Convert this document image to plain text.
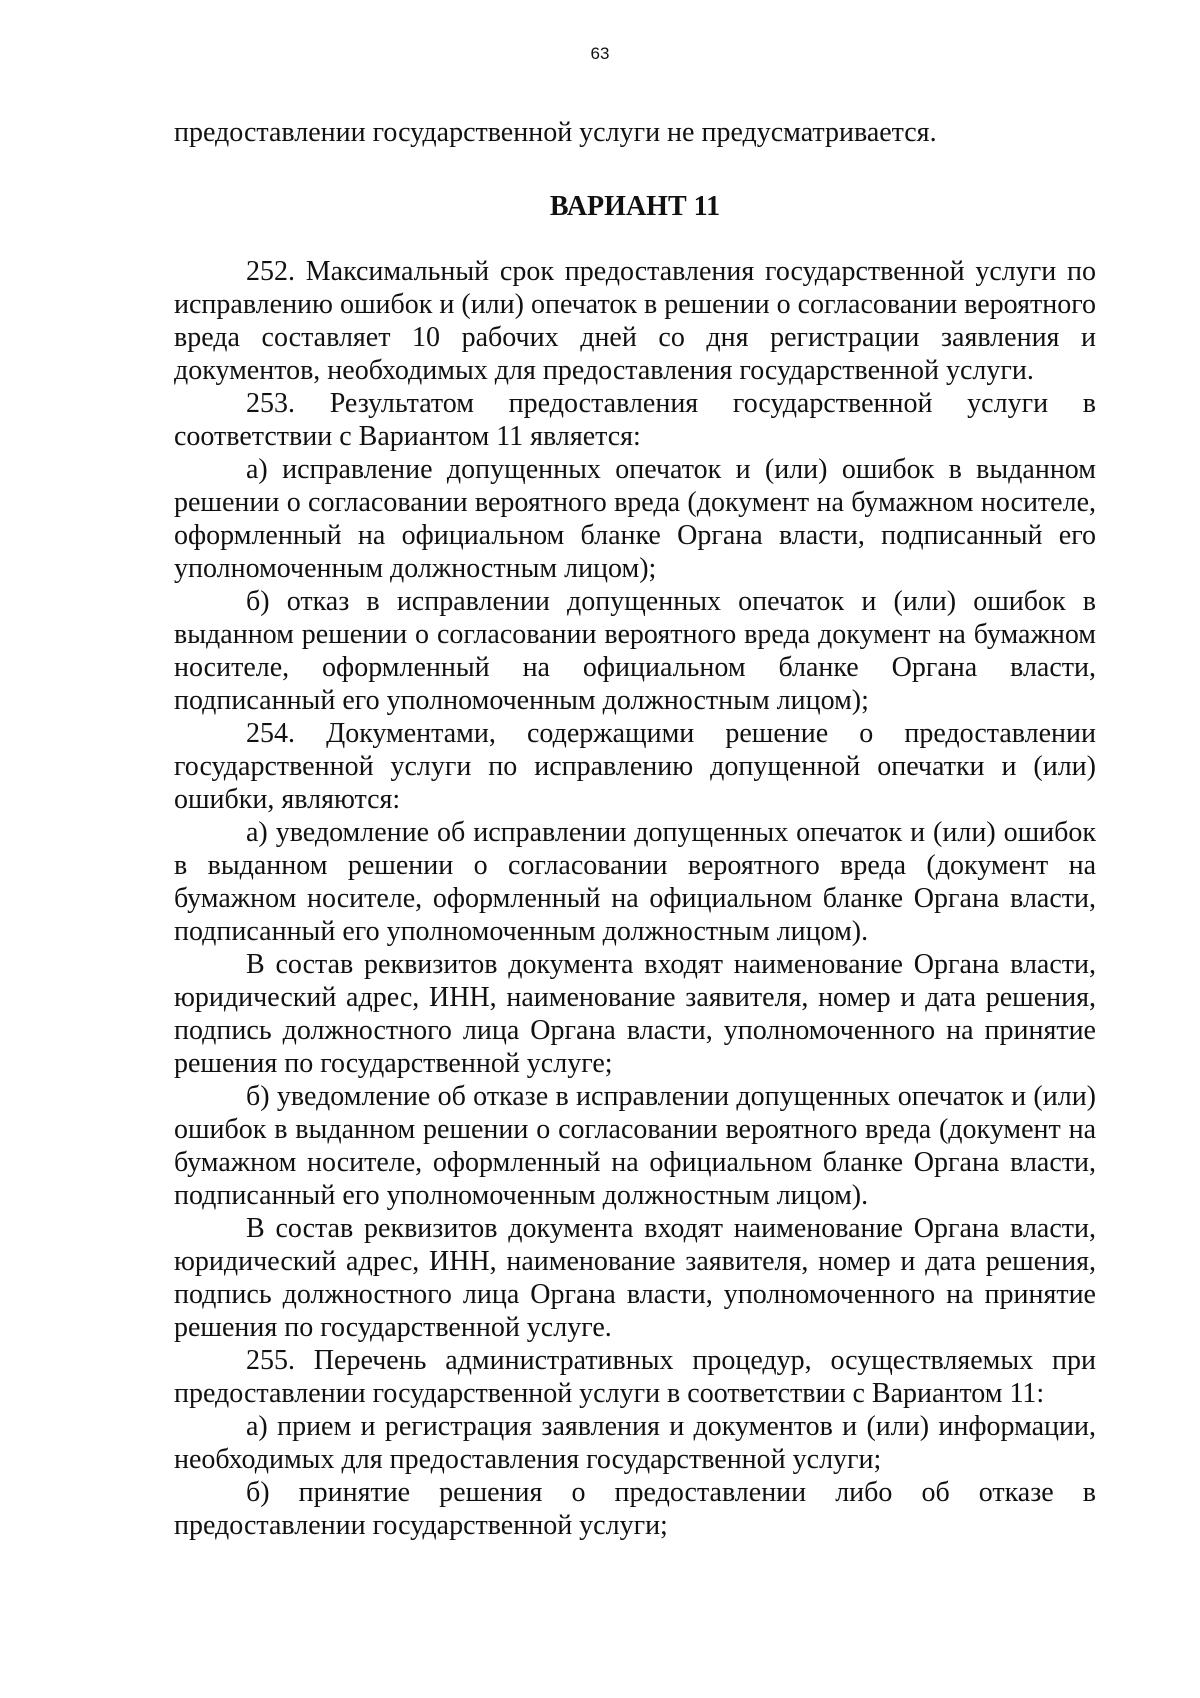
63

предоставлении государственной услуги не предусматривается.

ВАРИАНТ 11

252. Максимальный срок предоставления государственной услуги по исправлению ошибок и (или) опечаток в решении о согласовании вероятного вреда составляет 10 рабочих дней со дня регистрации заявления и документов, необходимых для предоставления государственной услуги.

253. Результатом предоставления государственной услуги в соответствии с Вариантом 11 является:

а) исправление допущенных опечаток и (или) ошибок в выданном решении о согласовании вероятного вреда (документ на бумажном носителе, оформленный на официальном бланке Органа власти, подписанный его уполномоченным должностным лицом);

б) отказ в исправлении допущенных опечаток и (или) ошибок в выданном решении о согласовании вероятного вреда документ на бумажном носителе, оформленный на официальном бланке Органа власти, подписанный его уполномоченным должностным лицом);

254. Документами, содержащими решение о предоставлении государственной услуги по исправлению допущенной опечатки и (или) ошибки, являются:

а) уведомление об исправлении допущенных опечаток и (или) ошибок в выданном решении о согласовании вероятного вреда (документ на бумажном носителе, оформленный на официальном бланке Органа власти, подписанный его уполномоченным должностным лицом).

В состав реквизитов документа входят наименование Органа власти, юридический адрес, ИНН, наименование заявителя, номер и дата решения, подпись должностного лица Органа власти, уполномоченного на принятие решения по государственной услуге;

б) уведомление об отказе в исправлении допущенных опечаток и (или) ошибок в выданном решении о согласовании вероятного вреда (документ на бумажном носителе, оформленный на официальном бланке Органа власти, подписанный его уполномоченным должностным лицом).

В состав реквизитов документа входят наименование Органа власти, юридический адрес, ИНН, наименование заявителя, номер и дата решения, подпись должностного лица Органа власти, уполномоченного на принятие решения по государственной услуге.

255. Перечень административных процедур, осуществляемых при предоставлении государственной услуги в соответствии с Вариантом 11:

а) прием и регистрация заявления и документов и (или) информации, необходимых для предоставления государственной услуги;

б) принятие решения о предоставлении либо об отказе в предоставлении государственной услуги;
